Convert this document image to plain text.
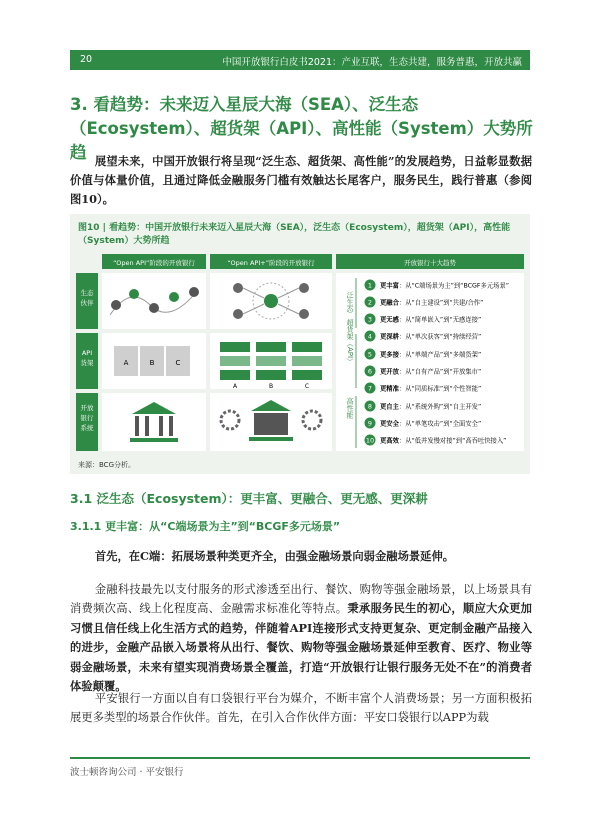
20	中国开放银行白皮书2021：产业互联，生态共建，服务普惠，开放共赢
3. 看趋势：未来迈入星辰大海（SEA）、泛生态（Ecosystem）、超货架（API）、高性能（System）大势所趋 展望未来，中国开放银行将呈现“泛生态、超货架、高性能”的发展趋势，日益彰显数据价值与体量价值，且通过降低金融服务门槛有效触达长尾客户，服务民生，践行普惠（参阅图10）。
图10 | 看趋势：中国开放银行未来迈入星辰大海（SEA），泛生态（Ecosystem），超货架（API），高性能（System）大势所趋
“Open API”阶段的开放银行	“Open API+”阶段的开放银行	开放银行十大趋势
生态伙伴
API 货架
开放银行系统
A	B	C
A	B	C
泛生态
超货架（API）
高性能
1 更丰富：从“C端场景为主”到“BCGF多元场景”
2 更融合：从“自主建设”到“共建/合作”
3 更无感：从“简单嵌入”到“无感连接”
4 更深耕：从“单次获客”到“持续经营”
5 更多接：从“单端产品”到“多端货架”
6 更开放：从“自有产品”到“开放集市”
7 更精准：从“同质标准”到“个性智能”
8 更自主：从“系统外购”到“自主开发”
9 更安全：从“单笔攻击”到“全面安全”
10 更高效：从“低并发慢对接”到“高吞吐快接入”
来源：BCG分析。
3.1 泛生态（Ecosystem）：更丰富、更融合、更无感、更深耕
3.1.1 更丰富：从“C端场景为主”到“BCGF多元场景”
首先，在C端：拓展场景种类更齐全，由强金融场景向弱金融场景延伸。
金融科技最先以支付服务的形式渗透至出行、餐饮、购物等强金融场景，以上场景具有消费频次高、线上化程度高、金融需求标准化等特点。秉承服务民生的初心，顺应大众更加习惯且信任线上化生活方式的趋势，伴随着API连接形式支持更复杂、更定制金融产品接入的进步，金融产品嵌入场景将从出行、餐饮、购物等强金融场景延伸至教育、医疗、物业等弱金融场景，未来有望实现消费场景全覆盖，打造“开放银行让银行服务无处不在”的消费者体验颠覆。
平安银行一方面以自有口袋银行平台为媒介，不断丰富个人消费场景；另一方面积极拓展更多类型的场景合作伙伴。首先，在引入合作伙伴方面：平安口袋银行以APP为载
波士顿咨询公司 · 平安银行
